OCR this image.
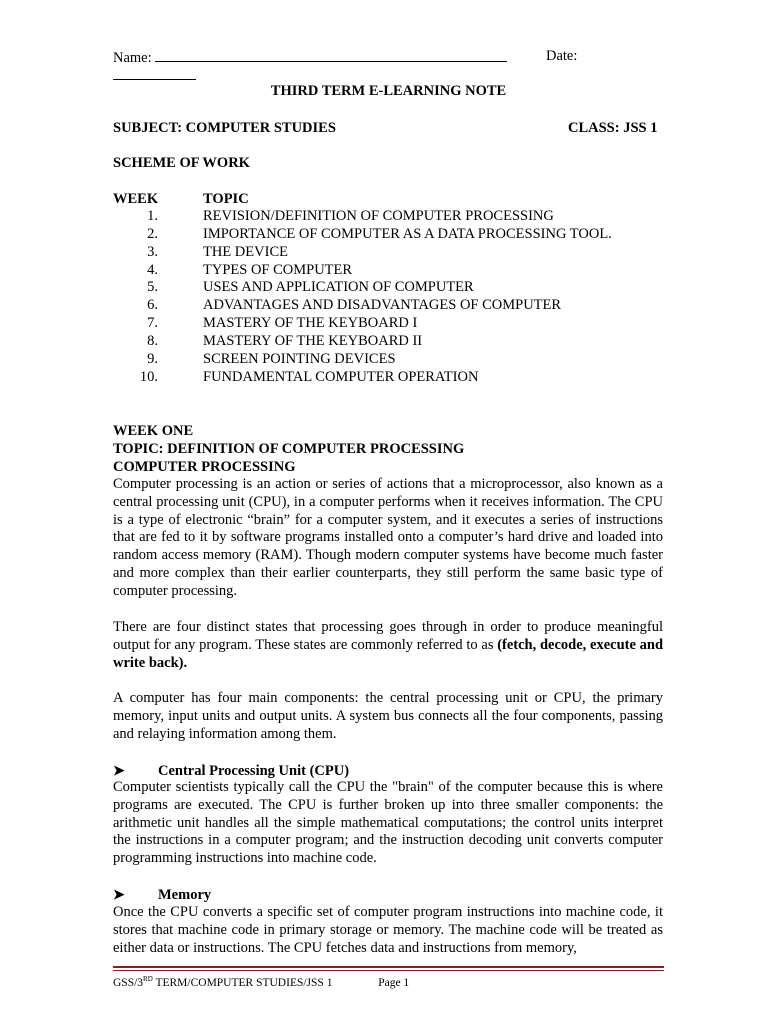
Name:	Date:
THIRD TERM E-LEARNING NOTE
SUBJECT: COMPUTER STUDIES	CLASS: JSS 1
SCHEME OF WORK
WEEK	TOPIC
1.	REVISION/DEFINITION OF COMPUTER PROCESSING
2.	IMPORTANCE OF COMPUTER AS A DATA PROCESSING TOOL.
3.	THE DEVICE
4.	TYPES OF COMPUTER
5.	USES AND APPLICATION OF COMPUTER
6.	ADVANTAGES AND DISADVANTAGES OF COMPUTER
7.	MASTERY OF THE KEYBOARD I
8.	MASTERY OF THE KEYBOARD II
9.	SCREEN POINTING DEVICES
10.	FUNDAMENTAL COMPUTER OPERATION
WEEK ONE
TOPIC: DEFINITION OF COMPUTER PROCESSING
COMPUTER PROCESSING
Computer processing is an action or series of actions that a microprocessor, also known as a central processing unit (CPU), in a computer performs when it receives information. The CPU is a type of electronic “brain” for a computer system, and it executes a series of instructions that are fed to it by software programs installed onto a computer’s hard drive and loaded into random access memory (RAM). Though modern computer systems have become much faster and more complex than their earlier counterparts, they still perform the same basic type of computer processing.
There are four distinct states that processing goes through in order to produce meaningful output for any program. These states are commonly referred to as (fetch, decode, execute and write back).
A computer has four main components: the central processing unit or CPU, the primary memory, input units and output units. A system bus connects all the four components, passing and relaying information among them.
➤ Central Processing Unit (CPU)
Computer scientists typically call the CPU the "brain" of the computer because this is where programs are executed. The CPU is further broken up into three smaller components: the arithmetic unit handles all the simple mathematical computations; the control units interpret the instructions in a computer program; and the instruction decoding unit converts computer programming instructions into machine code.
➤ Memory
Once the CPU converts a specific set of computer program instructions into machine code, it stores that machine code in primary storage or memory. The machine code will be treated as either data or instructions. The CPU fetches data and instructions from memory,
GSS/3RD TERM/COMPUTER STUDIES/JSS 1	Page 1
